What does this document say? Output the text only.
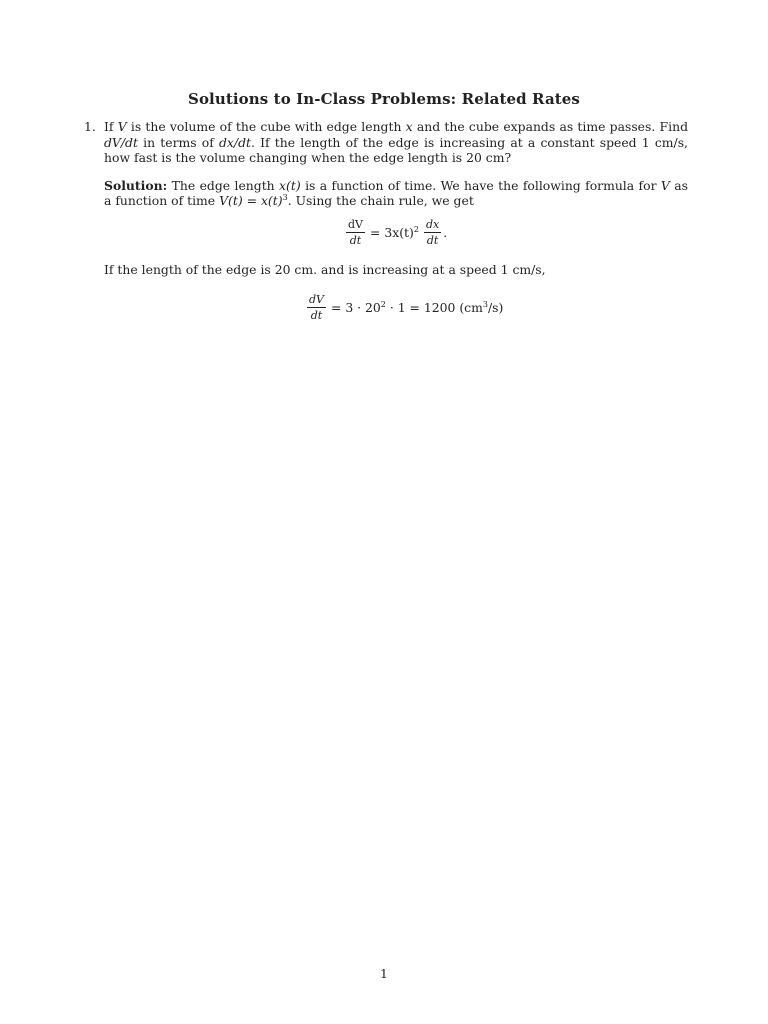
Solutions to In-Class Problems: Related Rates
1. If V is the volume of the cube with edge length x and the cube expands as time passes. Find dV/dt in terms of dx/dt. If the length of the edge is increasing at a constant speed 1 cm/s, how fast is the volume changing when the edge length is 20 cm?
Solution: The edge length x(t) is a function of time. We have the following formula for V as a function of time $V(t) = x(t)^3$. Using the chain rule, we get
$\frac{dV}{dt} = 3x(t)^2 \frac{dx}{dt}$ .
If the length of the edge is 20 cm. and is increasing at a speed 1 cm/s,
$\frac{dV}{dt} = 3 \cdot 20^2 \cdot 1 = 1200$ $(cm^3/s)$
1
